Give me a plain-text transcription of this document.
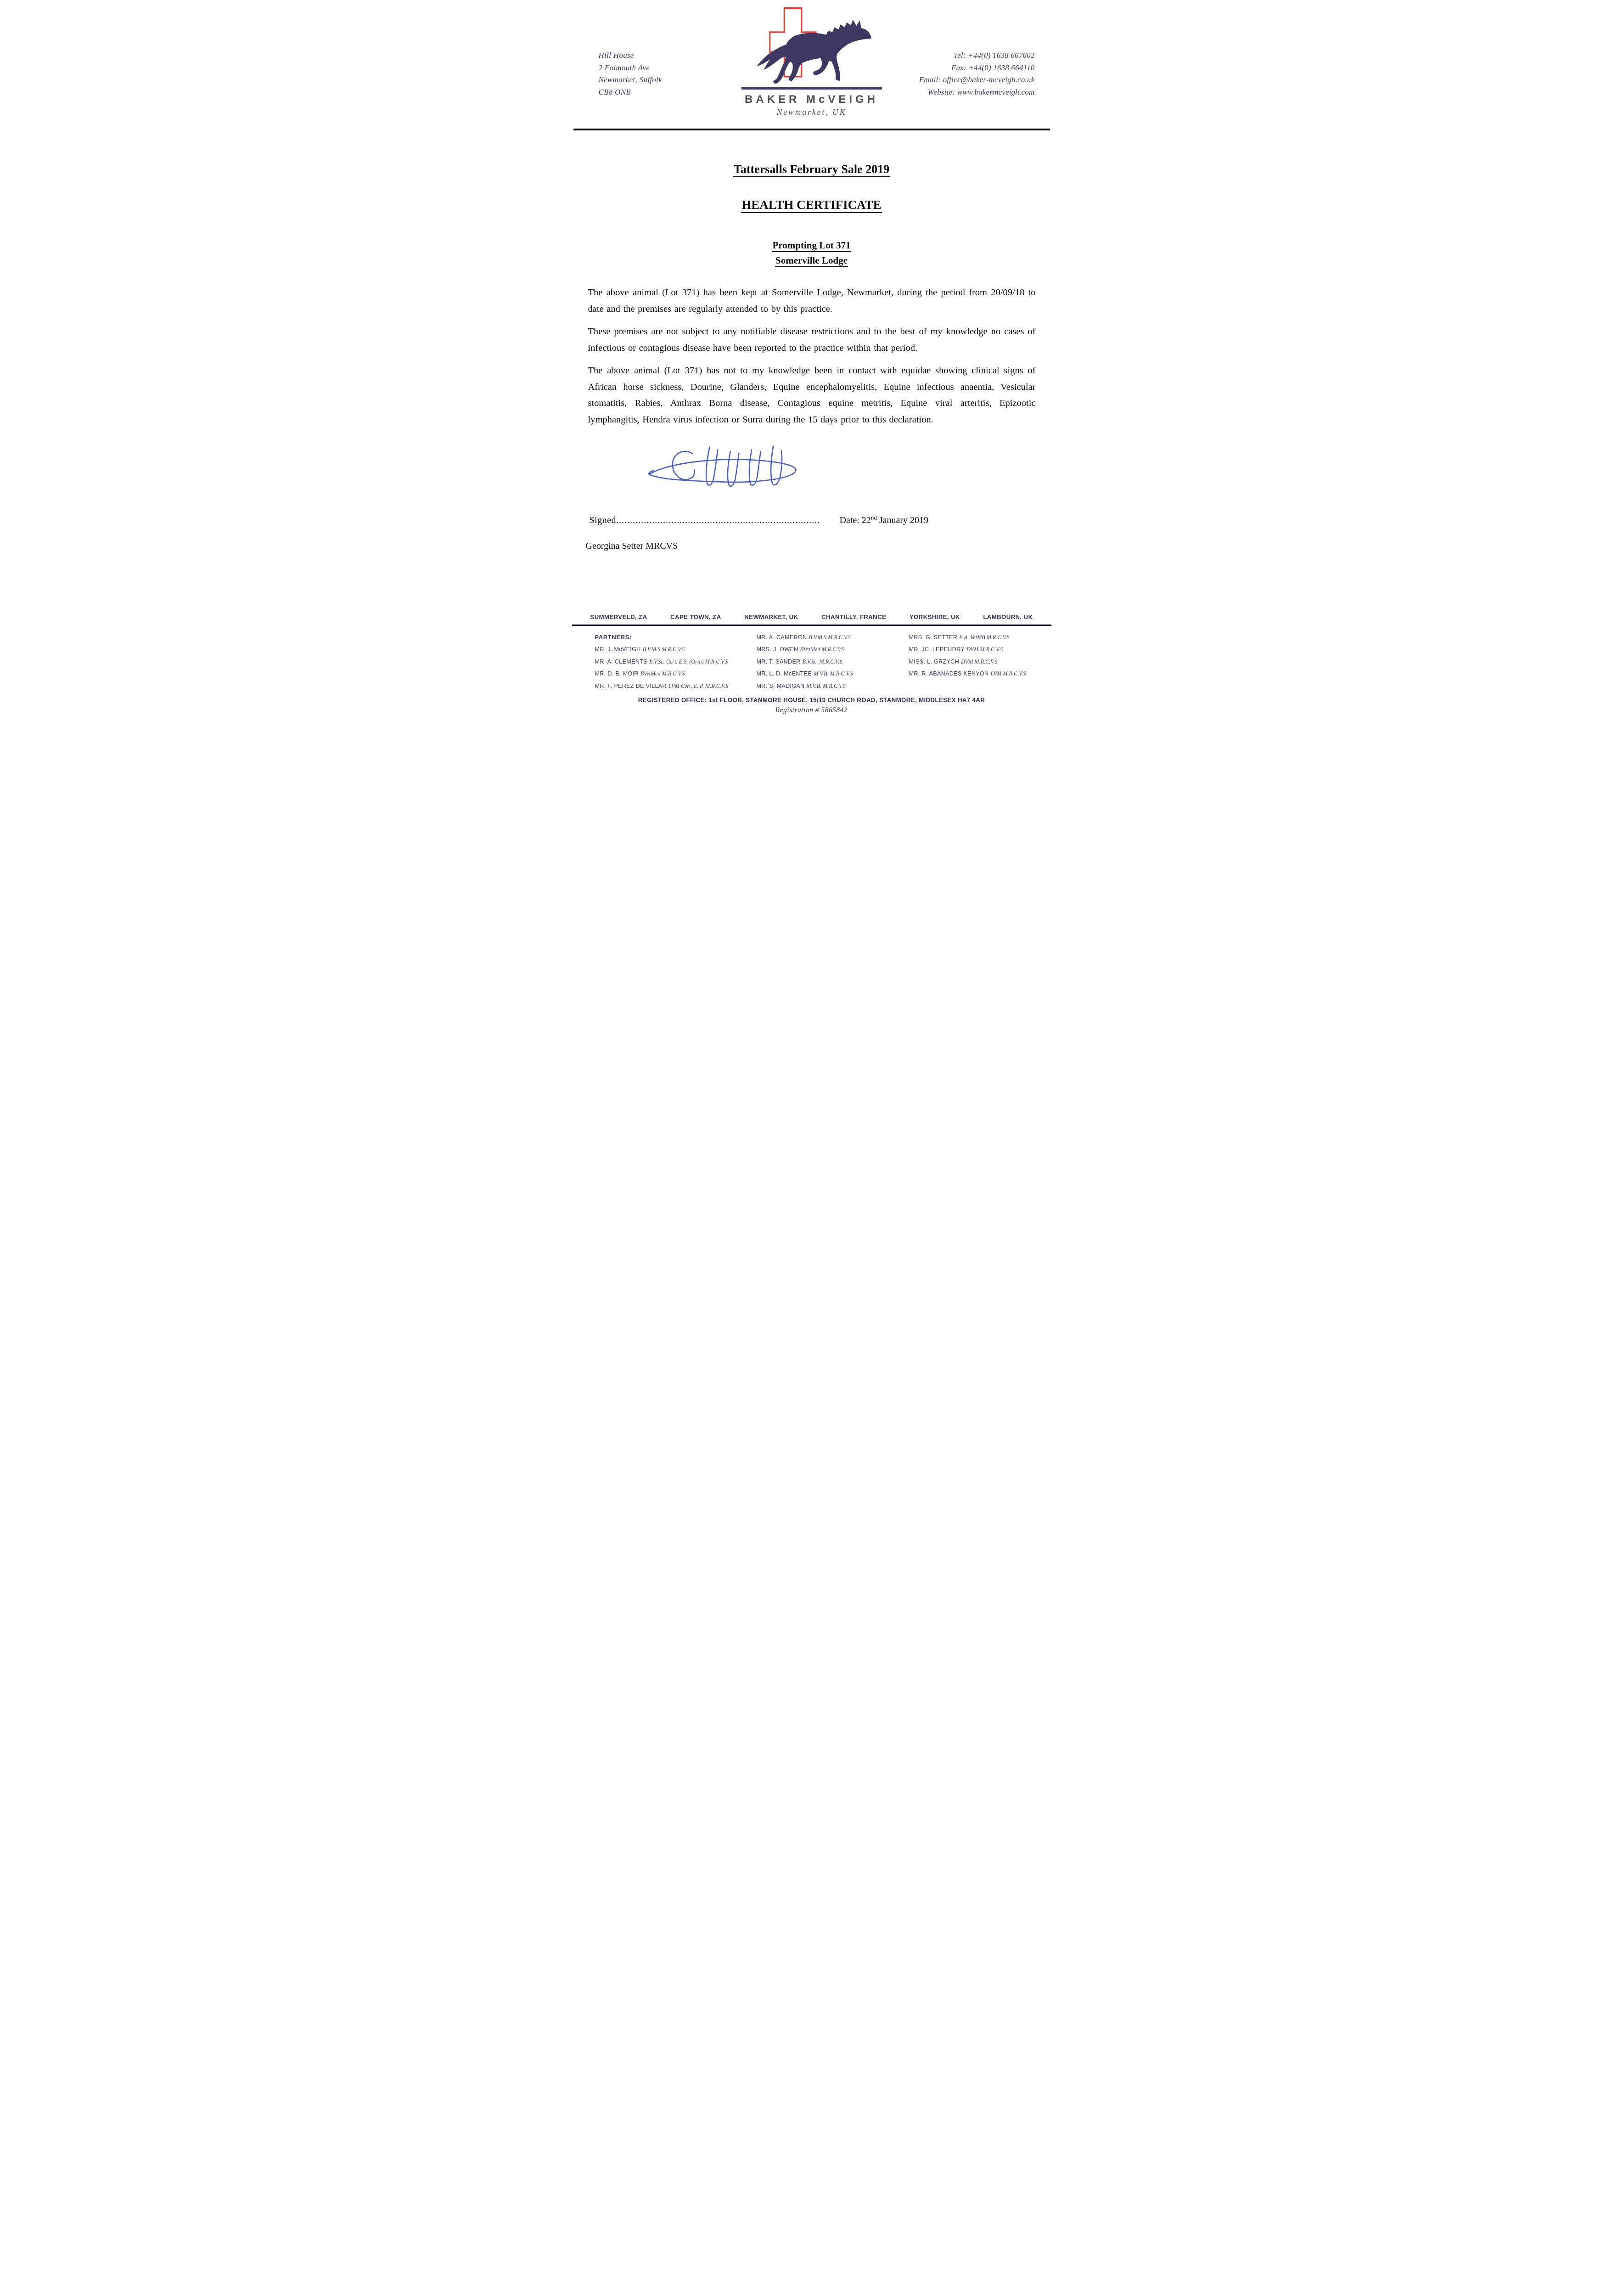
Hill House
2 Falmouth Ave
Newmarket, Suffolk
CB8 ONB
BAKER McVEIGH
Newmarket, UK
Tel: +44(0) 1638 667602
Fax: +44(0) 1638 664110
Email: office@baker-mcveigh.co.uk
Website: www.bakermcveigh.com
Tattersalls February Sale 2019
HEALTH CERTIFICATE
Prompting Lot 371
Somerville Lodge

The above animal (Lot 371) has been kept at Somerville Lodge, Newmarket, during the period from 20/09/18 to date and the premises are regularly attended to by this practice.

These premises are not subject to any notifiable disease restrictions and to the best of my knowledge no cases of infectious or contagious disease have been reported to the practice within that period.

The above animal (Lot 371) has not to my knowledge been in contact with equidae showing clinical signs of African horse sickness, Dourine, Glanders, Equine encephalomyelitis, Equine infectious anaemia, Vesicular stomatitis, Rabies, Anthrax Borna disease, Contagious equine metritis, Equine viral arteritis, Epizootic lymphangitis, Hendra virus infection or Surra during the 15 days prior to this declaration.

Signed.......................................................................... Date: 22nd January 2019
Georgina Setter MRCVS
SUMMERVELD, ZA	CAPE TOWN, ZA	NEWMARKET, UK	CHANTILLY, FRANCE	YORKSHIRE, UK	LAMBOURN, UK
PARTNERS:	MR. A. CAMERON B.V.M.S M.R.C.V.S	MRS. G. SETTER B.A. VetMB M.R.C.V.S
MR. J. McVEIGH B.V.M.S M.R.C.V.S	MRS. J. OWEN BVetMed M.R.C.V.S	MR. JC. LEPEUDRY DVM M.R.C.V.S
MR. A. CLEMENTS B.V.Sc. Cert. E.S. (Orth) M.R.C.V.S	MR. T. SANDER B.V.Sc. M.R.C.V.S	MISS. L. GRZYCH DVM M.R.C.V.S
MR. D. B. MOIR BVetMed M.R.C.V.S	MR. L. D. McENTEE M.V.B. M.R.C.V.S	MR. R. ABANADES KENYON LVM M.R.C.V.S
MR. F. PEREZ DE VILLAR LVM Cert. E. P. M.R.C.V.S	MR. S. MADIGAN M.V.B. M.R.C.V.S
REGISTERED OFFICE: 1st FLOOR, STANMORE HOUSE, 15/19 CHURCH ROAD, STANMORE, MIDDLESEX HA7 4AR
Registration # 5865842
